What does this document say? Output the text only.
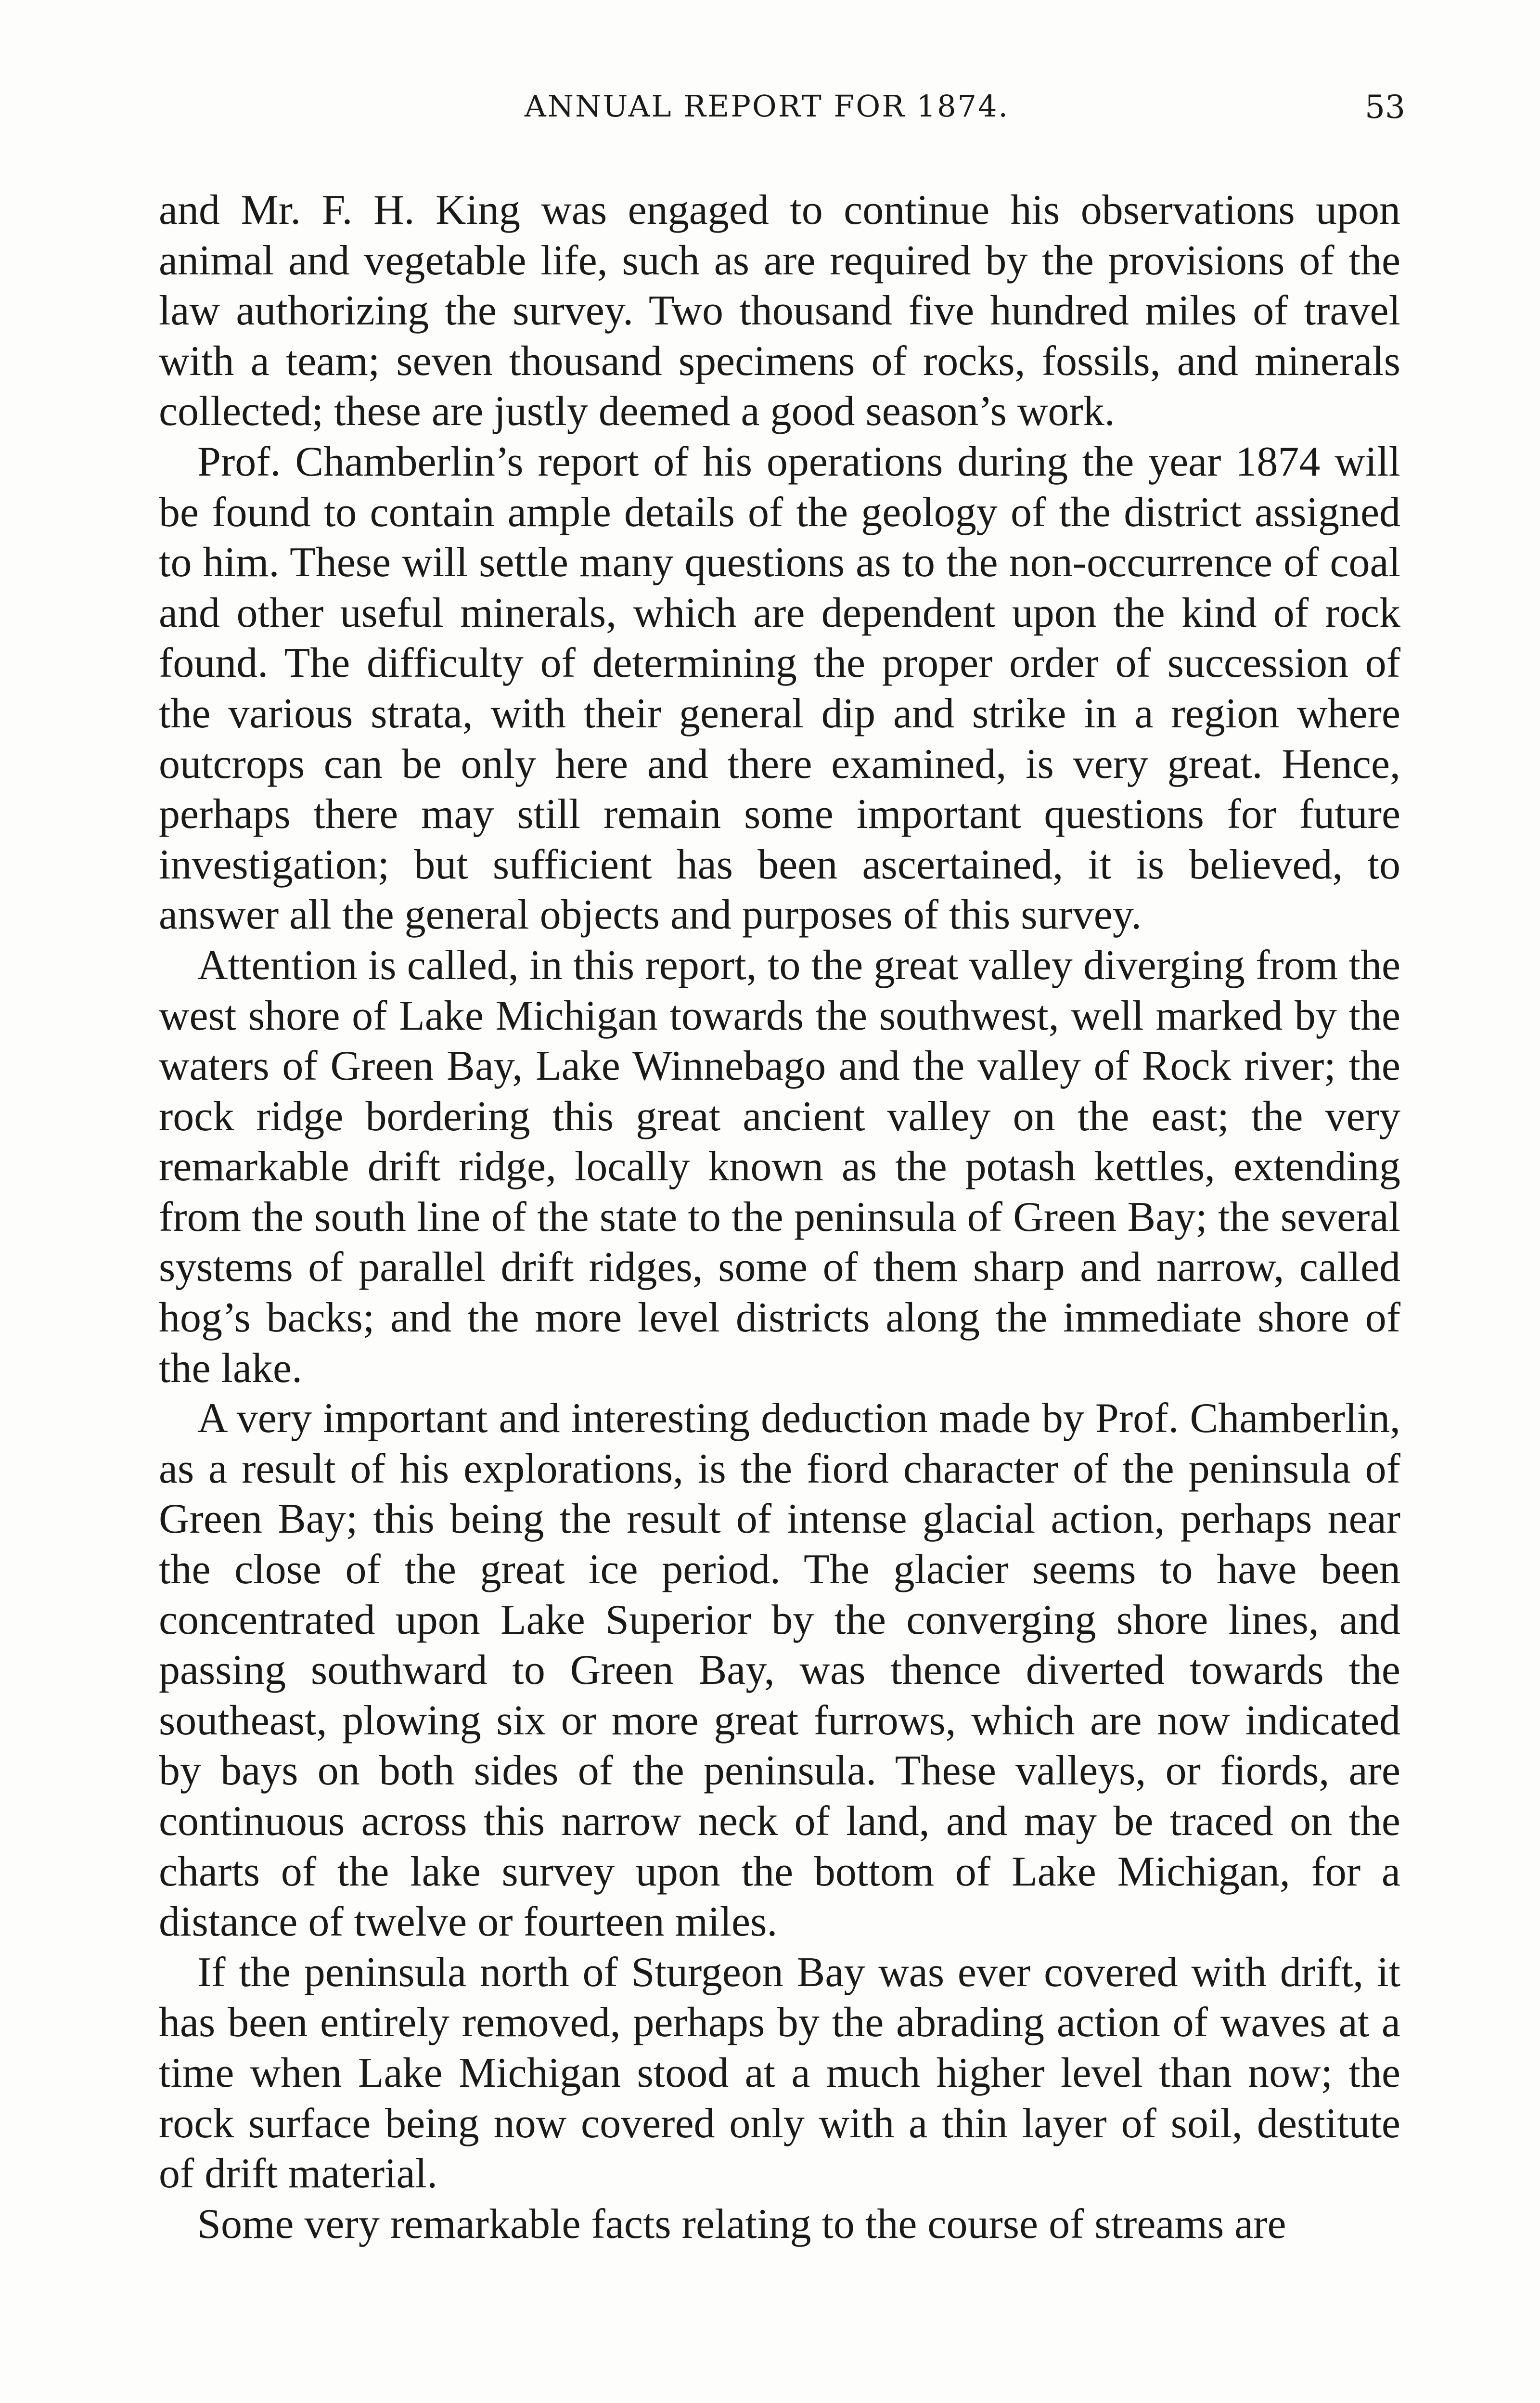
ANNUAL REPORT FOR 1874.	53

and Mr. F. H. King was engaged to continue his observations upon animal and vegetable life, such as are required by the provisions of the law authorizing the survey. Two thousand five hundred miles of travel with a team; seven thousand specimens of rocks, fossils, and minerals collected; these are justly deemed a good season’s work.

Prof. Chamberlin’s report of his operations during the year 1874 will be found to contain ample details of the geology of the district assigned to him. These will settle many questions as to the non-occurrence of coal and other useful minerals, which are dependent upon the kind of rock found. The difficulty of determining the proper order of succession of the various strata, with their general dip and strike in a region where outcrops can be only here and there examined, is very great. Hence, perhaps there may still remain some important questions for future investigation; but sufficient has been ascertained, it is believed, to answer all the general objects and purposes of this survey.

Attention is called, in this report, to the great valley diverging from the west shore of Lake Michigan towards the southwest, well marked by the waters of Green Bay, Lake Winnebago and the valley of Rock river; the rock ridge bordering this great ancient valley on the east; the very remarkable drift ridge, locally known as the potash kettles, extending from the south line of the state to the peninsula of Green Bay; the several systems of parallel drift ridges, some of them sharp and narrow, called hog’s backs; and the more level districts along the immediate shore of the lake.

A very important and interesting deduction made by Prof. Chamberlin, as a result of his explorations, is the fiord character of the peninsula of Green Bay; this being the result of intense glacial action, perhaps near the close of the great ice period. The glacier seems to have been concentrated upon Lake Superior by the converging shore lines, and passing southward to Green Bay, was thence diverted towards the southeast, plowing six or more great furrows, which are now indicated by bays on both sides of the peninsula. These valleys, or fiords, are continuous across this narrow neck of land, and may be traced on the charts of the lake survey upon the bottom of Lake Michigan, for a distance of twelve or fourteen miles.

If the peninsula north of Sturgeon Bay was ever covered with drift, it has been entirely removed, perhaps by the abrading action of waves at a time when Lake Michigan stood at a much higher level than now; the rock surface being now covered only with a thin layer of soil, destitute of drift material.

Some very remarkable facts relating to the course of streams are
